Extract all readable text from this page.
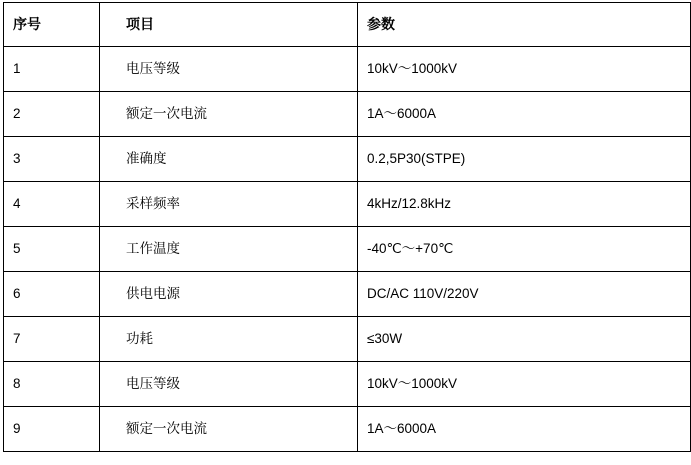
序号	项目	参数

1	电压等级	10kV～1000kV

2	额定一次电流	1A～6000A

3	准确度	0.2,5P30(STPE)

4	采样频率	4kHz/12.8kHz

5	工作温度	-40℃～+70℃

6	供电电源	DC/AC 110V/220V

7	功耗	≤30W

8	电压等级	10kV～1000kV

9	额定一次电流	1A～6000A
